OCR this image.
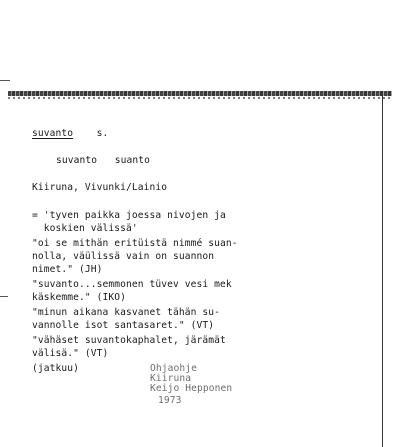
suvanto s.
suvanto   suanto
Kiiruna, Vivunki/Lainio
= 'tyven paikka joessa nivojen ja
koskien välissä'
"oi se mithän eritüistä nimmé suan-
nolla, väülissä vain on suannon
nimet." (JH)
"suvanto...semmonen tüvev vesi mek
käskemme." (IKO)
"minun aikana kasvanet tähän su-
vannolle isot santasaret." (VT)
"vähäset suvantokaphalet, järämät
välisä." (VT)
(jatkuu)	Ohjaohje
Kiiruna
Keijo Hepponen
1973
